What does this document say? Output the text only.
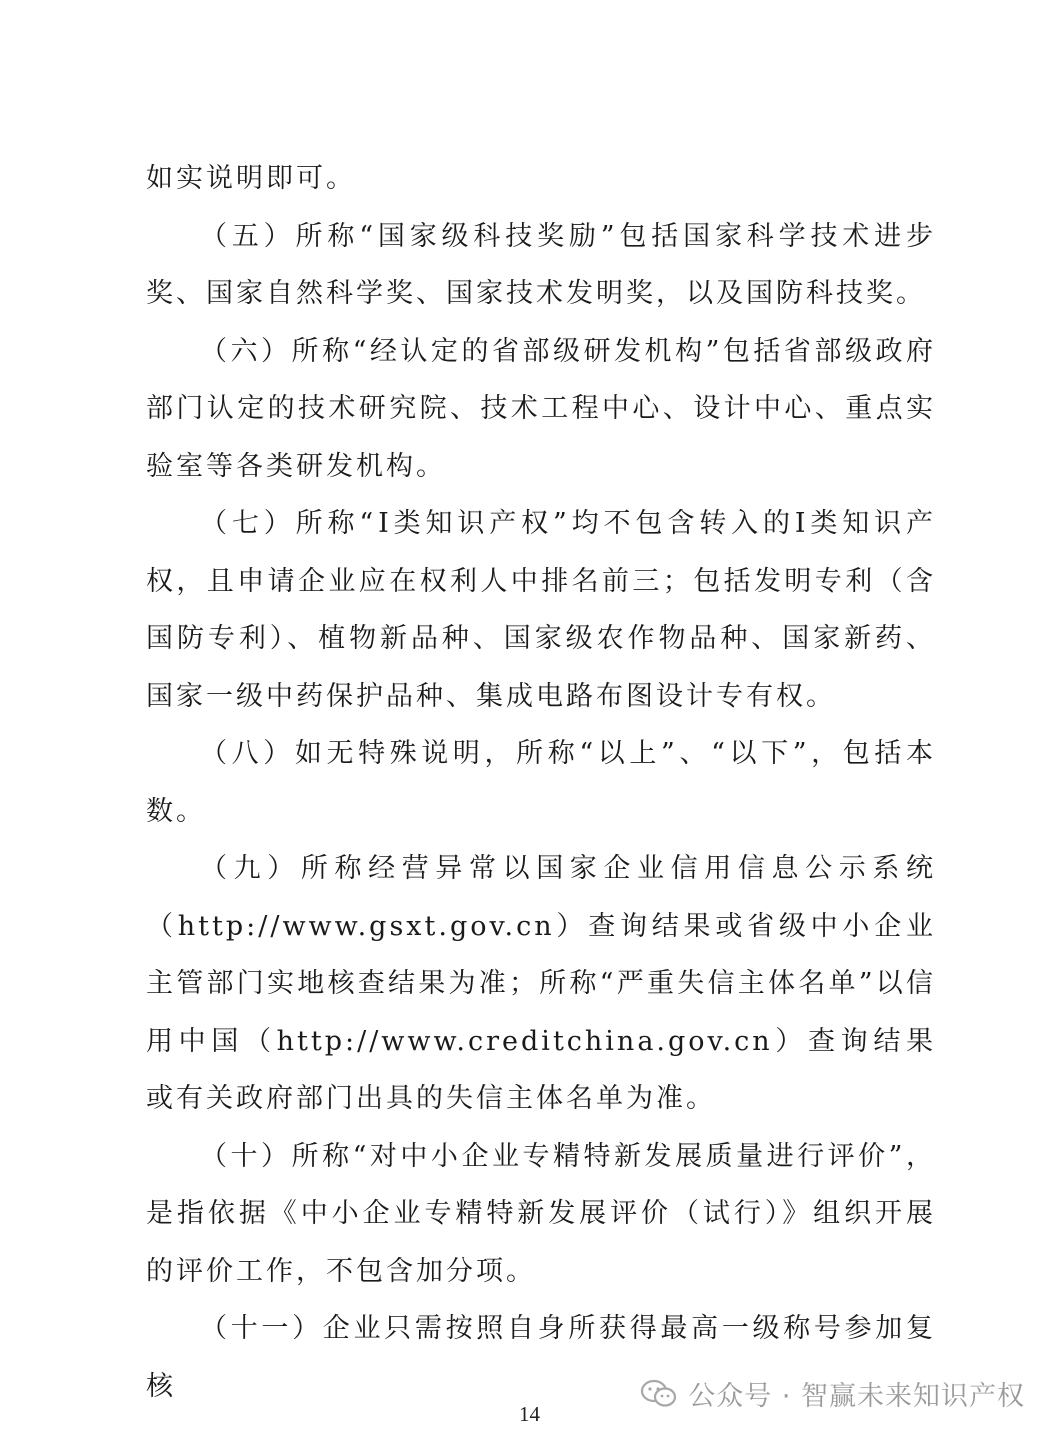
如实说明即可。

（五）所称“国家级科技奖励”包括国家科学技术进步奖、国家自然科学奖、国家技术发明奖，以及国防科技奖。

（六）所称“经认定的省部级研发机构”包括省部级政府部门认定的技术研究院、技术工程中心、设计中心、重点实验室等各类研发机构。

（七）所称“Ⅰ类知识产权”均不包含转入的Ⅰ类知识产权，且申请企业应在权利人中排名前三；包括发明专利（含国防专利）、植物新品种、国家级农作物品种、国家新药、国家一级中药保护品种、集成电路布图设计专有权。

（八）如无特殊说明，所称“以上”、“以下”，包括本数。

（九）所称经营异常以国家企业信用信息公示系统（http://www.gsxt.gov.cn）查询结果或省级中小企业主管部门实地核查结果为准；所称“严重失信主体名单”以信用中国（http://www.creditchina.gov.cn）查询结果或有关政府部门出具的失信主体名单为准。

（十）所称“对中小企业专精特新发展质量进行评价”，是指依据《中小企业专精特新发展评价（试行）》组织开展的评价工作，不包含加分项。

（十一）企业只需按照自身所获得最高一级称号参加复核	公众号 · 智赢未来知识产权
14
